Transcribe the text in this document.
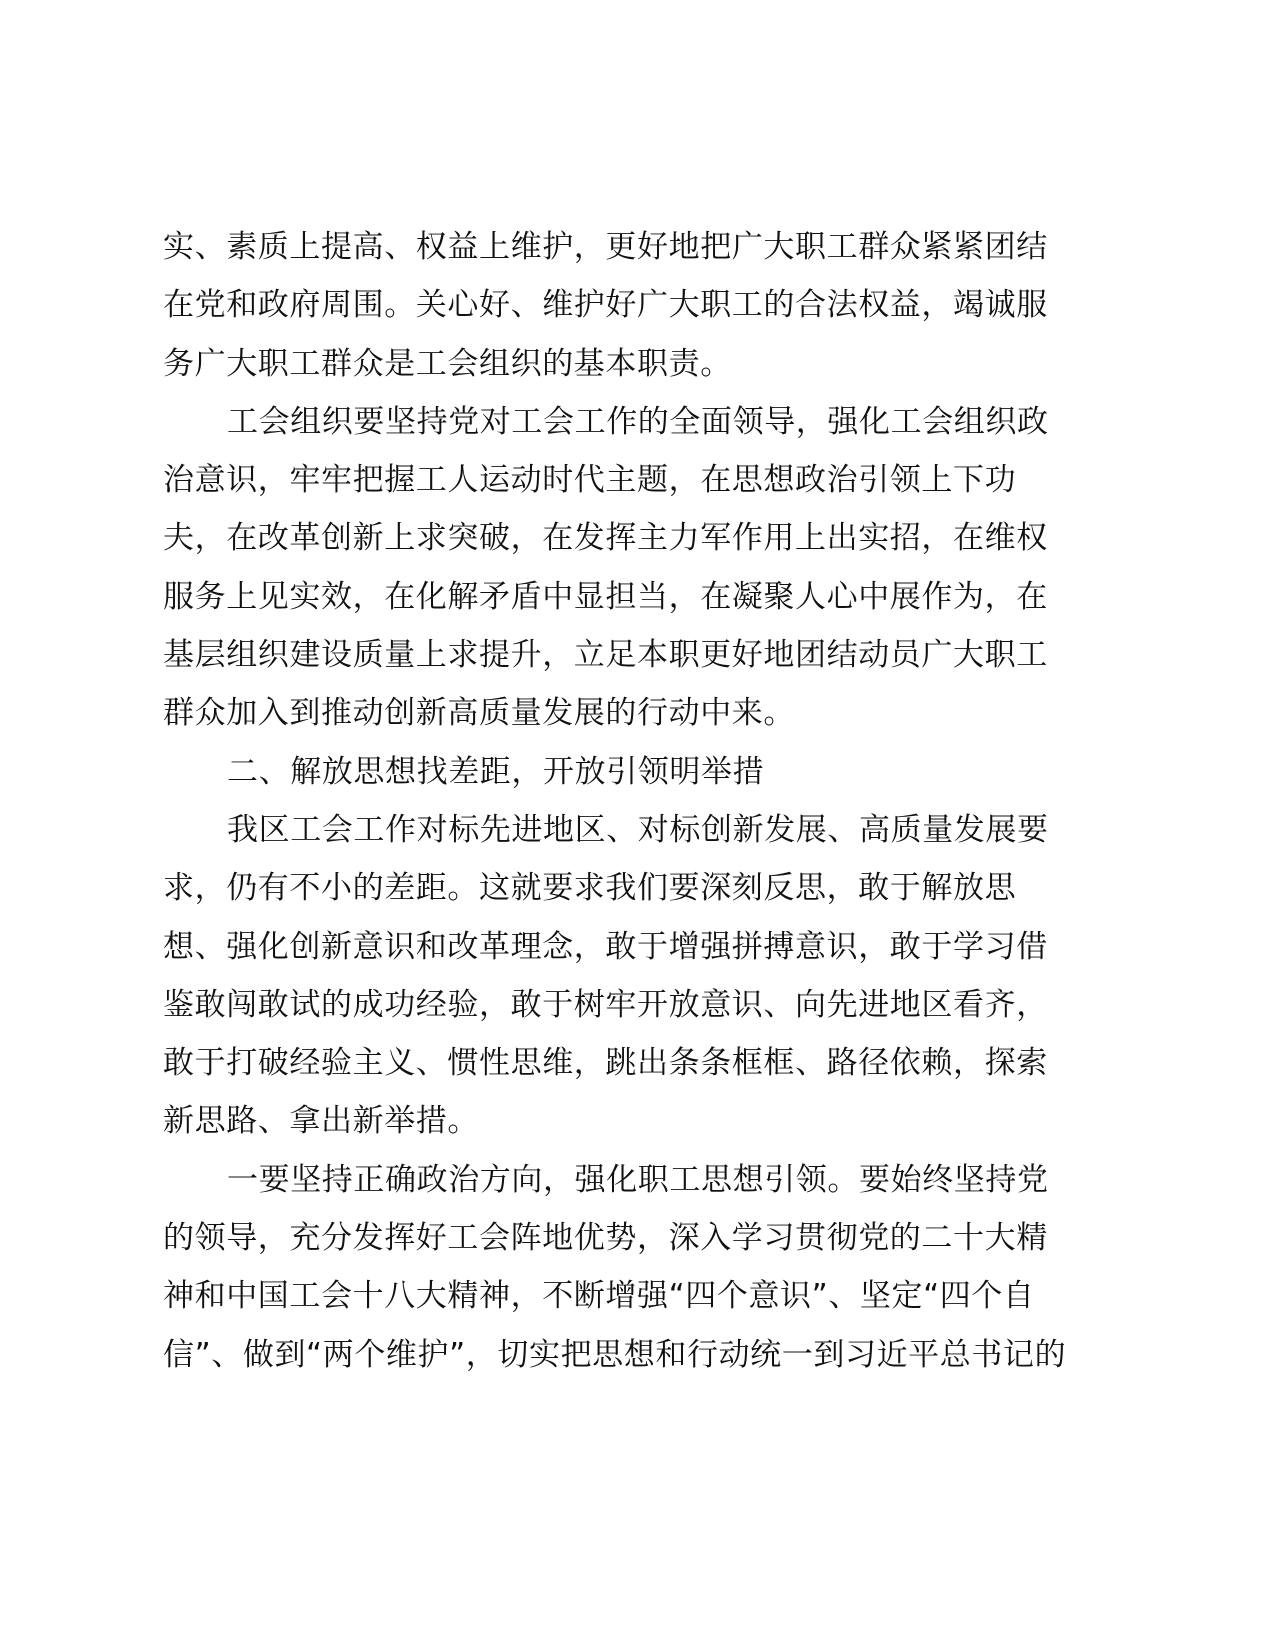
实、素质上提高、权益上维护，更好地把广大职工群众紧紧团结
在党和政府周围。关心好、维护好广大职工的合法权益，竭诚服
务广大职工群众是工会组织的基本职责。
工会组织要坚持党对工会工作的全面领导，强化工会组织政
治意识，牢牢把握工人运动时代主题，在思想政治引领上下功
夫，在改革创新上求突破，在发挥主力军作用上出实招，在维权
服务上见实效，在化解矛盾中显担当，在凝聚人心中展作为，在
基层组织建设质量上求提升，立足本职更好地团结动员广大职工
群众加入到推动创新高质量发展的行动中来。
二、解放思想找差距，开放引领明举措
我区工会工作对标先进地区、对标创新发展、高质量发展要
求，仍有不小的差距。这就要求我们要深刻反思，敢于解放思
想、强化创新意识和改革理念，敢于增强拼搏意识，敢于学习借
鉴敢闯敢试的成功经验，敢于树牢开放意识、向先进地区看齐，
敢于打破经验主义、惯性思维，跳出条条框框、路径依赖，探索
新思路、拿出新举措。
一要坚持正确政治方向，强化职工思想引领。要始终坚持党
的领导，充分发挥好工会阵地优势，深入学习贯彻党的二十大精
神和中国工会十八大精神，不断增强“四个意识”、坚定“四个自
信”、做到“两个维护”，切实把思想和行动统一到习近平总书记的
